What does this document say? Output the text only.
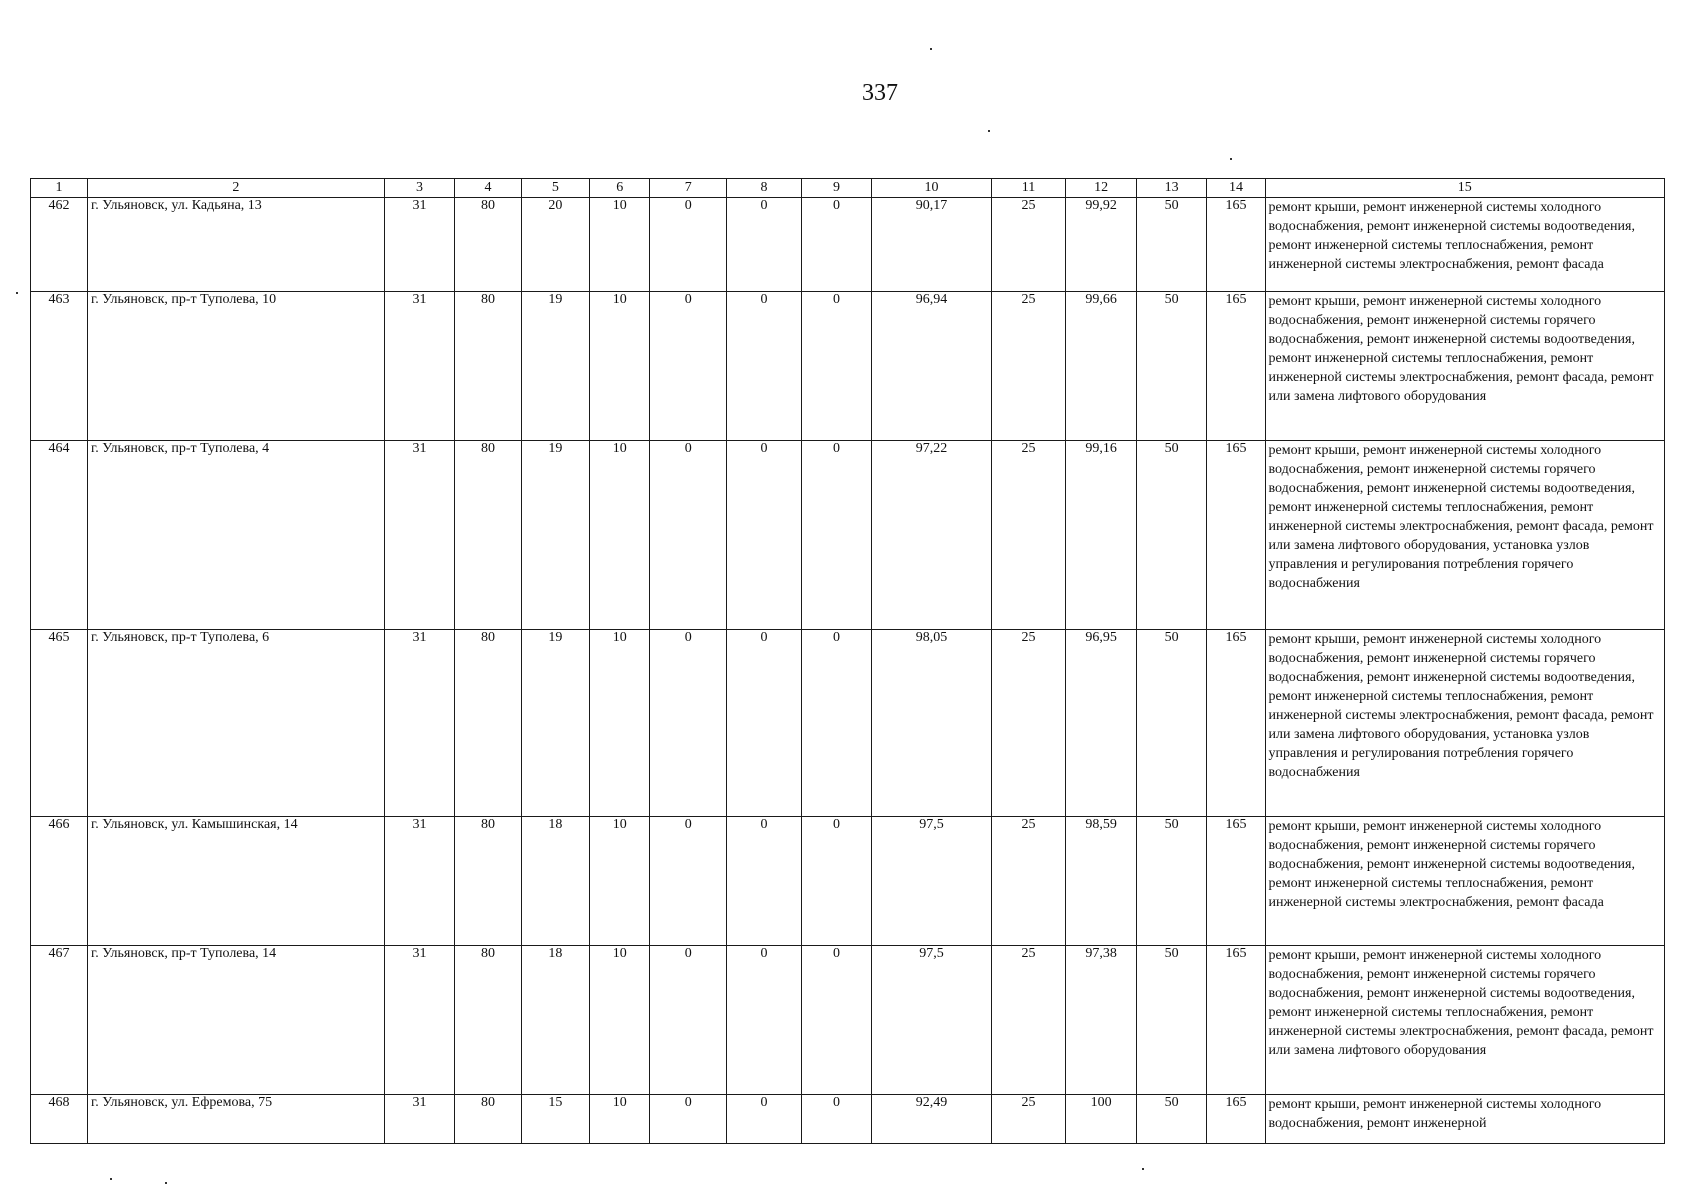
337
1	2	3	4	5	6	7	8	9	10	11	12	13	14	15
462	г. Ульяновск, ул. Кадьяна, 13	31	80	20	10	0	0	0	90,17	25	99,92	50	165	ремонт крыши, ремонт инженерной системы холодного водоснабжения, ремонт инженерной системы водоотведения, ремонт инженерной системы теплоснабжения, ремонт инженерной системы электроснабжения, ремонт фасада
463	г. Ульяновск, пр-т Туполева, 10	31	80	19	10	0	0	0	96,94	25	99,66	50	165	ремонт крыши, ремонт инженерной системы холодного водоснабжения, ремонт инженерной системы горячего водоснабжения, ремонт инженерной системы водоотведения, ремонт инженерной системы теплоснабжения, ремонт инженерной системы электроснабжения, ремонт фасада, ремонт или замена лифтового оборудования
464	г. Ульяновск, пр-т Туполева, 4	31	80	19	10	0	0	0	97,22	25	99,16	50	165	ремонт крыши, ремонт инженерной системы холодного водоснабжения, ремонт инженерной системы горячего водоснабжения, ремонт инженерной системы водоотведения, ремонт инженерной системы теплоснабжения, ремонт инженерной системы электроснабжения, ремонт фасада, ремонт или замена лифтового оборудования, установка узлов управления и регулирования потребления горячего водоснабжения
465	г. Ульяновск, пр-т Туполева, 6	31	80	19	10	0	0	0	98,05	25	96,95	50	165	ремонт крыши, ремонт инженерной системы холодного водоснабжения, ремонт инженерной системы горячего водоснабжения, ремонт инженерной системы водоотведения, ремонт инженерной системы теплоснабжения, ремонт инженерной системы электроснабжения, ремонт фасада, ремонт или замена лифтового оборудования, установка узлов управления и регулирования потребления горячего водоснабжения
466	г. Ульяновск, ул. Камышинская, 14	31	80	18	10	0	0	0	97,5	25	98,59	50	165	ремонт крыши, ремонт инженерной системы холодного водоснабжения, ремонт инженерной системы горячего водоснабжения, ремонт инженерной системы водоотведения, ремонт инженерной системы теплоснабжения, ремонт инженерной системы электроснабжения, ремонт фасада
467	г. Ульяновск, пр-т Туполева, 14	31	80	18	10	0	0	0	97,5	25	97,38	50	165	ремонт крыши, ремонт инженерной системы холодного водоснабжения, ремонт инженерной системы горячего водоснабжения, ремонт инженерной системы водоотведения, ремонт инженерной системы теплоснабжения, ремонт инженерной системы электроснабжения, ремонт фасада, ремонт или замена лифтового оборудования
468	г. Ульяновск, ул. Ефремова, 75	31	80	15	10	0	0	0	92,49	25	100	50	165	ремонт крыши, ремонт инженерной системы холодного водоснабжения, ремонт инженерной
